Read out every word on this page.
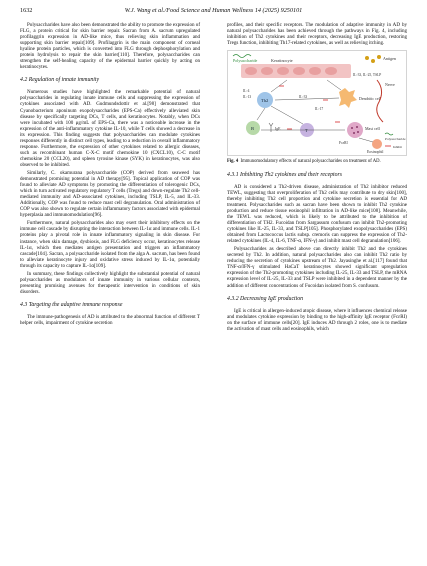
1632	W.J. Wang et al./Food Science and Human Wellness 14 (2025) 9250101

Polysaccharides have also been demonstrated the ability to promote the expression of FLG, a protein critical for skin barrier repair. Sacran from A. sacrum upregulated profilaggrin expression in AD-like mice, thus relieving skin inflammation and supporting skin barrier repair[109]. Profilaggrin is the main component of corneal hyaline protein particles, which is converted into FLG through dephosphorylation and protein hydrolysis to repair the skin barrier[110]. Therefore, polysaccharides can strengthen the self-healing capacity of the epidermal barrier quickly by acting on keratinocytes.

4.2 Regulation of innate immunity

Numerous studies have highlighted the remarkable potential of natural polysaccharides in regulating innate immune cells and suppressing the expression of cytokines associated with AD. Gudmundsdottir et al.[98] demonstrated that Cyanobacterium aponinum exopolysaccharides (EPS-Ca) effectively alleviated skin disease by specifically targeting DCs, T cells, and keratinocytes. Notably, when DCs were incubated with 100 μg/mL of EPS-Ca, there was a noticeable increase in the expression of the anti-inflammatory cytokine IL-10, while T cells showed a decrease in its expression. This finding suggests that polysaccharides can modulate cytokines responses differently in distinct cell types, leading to a reduction in overall inflammatory response. Furthermore, the expression of other cytokines related to allergic diseases, such as recombinant human C-X-C motif chemokine 10 (CXCL10), C-C motif chemokine 20 (CCL20), and spleen tyrosine kinase (SYK) in keratinocytes, was also observed to be inhibited.

Similarly, C. okamurana polysaccharide (COP) derived from seaweed has demonstrated promising potential in AD therapy[95]. Topical application of COP was found to alleviate AD symptoms by promoting the differentiation of tolerogenic DCs, which in turn activated regulatory regulatory T cells (Tregs) and down-regulate Th2 cell-mediated immunity and AD-associated cytokines, including TSLP, IL-5, and IL-33. Additionally, COP was found to reduce mast cell degranulation. Oral administration of COP was also shown to regulate certain inflammatory factors associated with epidermal hyperplasia and immunomodulation[96].

Furthermore, natural polysaccharides also may exert their inhibitory effects on the immune cell cascade by disrupting the interaction between IL-1α and immune cells. IL-1 proteins play a pivotal role in innate inflammatory signaling in skin disease. For instance, when skin damage, dysbiosis, and FLG deficiency occur, keratinocytes release IL-1α, which then mediates antigen presentation and triggers an inflammatory cascade[104]. Sacran, a polysaccharide isolated from the alga A. sacrum, has been found to alleviate keratinocyte injury and oxidative stress induced by IL-1α, potentially through its capacity to capture IL-1α[109].

In summary, these findings collectively highlight the substantial potential of natural polysaccharides as modulators of innate immunity in various cellular contexts, presenting promising avenues for therapeutic intervention in conditions of skin disorders.

4.3 Targeting the adaptive immune response

The immune-pathogenesis of AD is attributed to the abnormal function of different T helper cells, impairment of cytokine secretion

profiles, and their specific receptors. The modulation of adaptive immunity in AD by natural polysaccharides has been achieved through the pathways in Fig. 4, including inhibition of Th2 cytokines and their receptors, decreasing IgE production, restoring Tregs function, inhibiting Th17-related cytokines, as well as relieving itching.

Keratinocyte
Polysaccharide	Antigen
IL-33, IL-25, TSLP
Th2
IL-4
IL-13	Dendritic cell
IL-33
Nerve
IL-17
B	IgE	T	Mast cell
FcεRI
Eosinophil
Polysaccharide
Inhibit

Fig. 4 Immunomodulatory effects of natural polysaccharides on treatment of AD.

4.3.1 Inhibiting Th2 cytokines and their receptors

AD is considered a Th2-driven disease, administration of Th2 inhibitor reduced TEWL, suggesting that overproliferation of Th2 cells may contribute to dry skin[100], thereby inhibiting Th2 cell proportion and cytokine secretion is essential for AD treatment. Polysaccharides such as sacran have been shown to inhibit Th2 cytokine production and reduce tissue eosinophil infiltration in AD-like mice[108]. Meanwhile, the TEWL was reduced, which is likely to be attributed to the inhibition of differentiation of TH2. Fucoidan from Sargassum confusum can inhibit Th2-promoting cytokines like IL-25, IL-33, and TSLP[105]. Phosphorylated exopolysaccharides (EPS) obtained from Lactococcus lactis subsp. cremoris can suppress the expression of Th2-related cytokines (IL-4, IL-6, TNF-α, IFN-γ) and inhibit mast cell degranulation[106].

Polysaccharides as described above can directly inhibit Th2 and the cytokines secreted by Th2. In addition, natural polysaccharides also can inhibit Th2 ratio by reducing the secretion of cytokines upstream of Th2. Jayasinghe et al.[117] found that TNF-α/IFN-γ stimulated HaCaT keratinocytes showed significant upregulation expression of the Th2-promoting cytokines including IL-25, IL-33 and TSLP, the mRNA expression level of IL-25, IL-33 and TSLP were inhibited in a dependent manner by the addition of different concentrations of Fucoidan isolated from S. confusum.

4.3.2 Decreasing IgE production

IgE is critical in allergen-induced atopic disease, where it influences chemical release and modulates cytokine expression by binding to the high-affinity IgE receptor (FcεRI) on the surface of immune cells[20]. IgE induces AD through 2 roles, one is to mediate the activation of mast cells and eosinophils, which
